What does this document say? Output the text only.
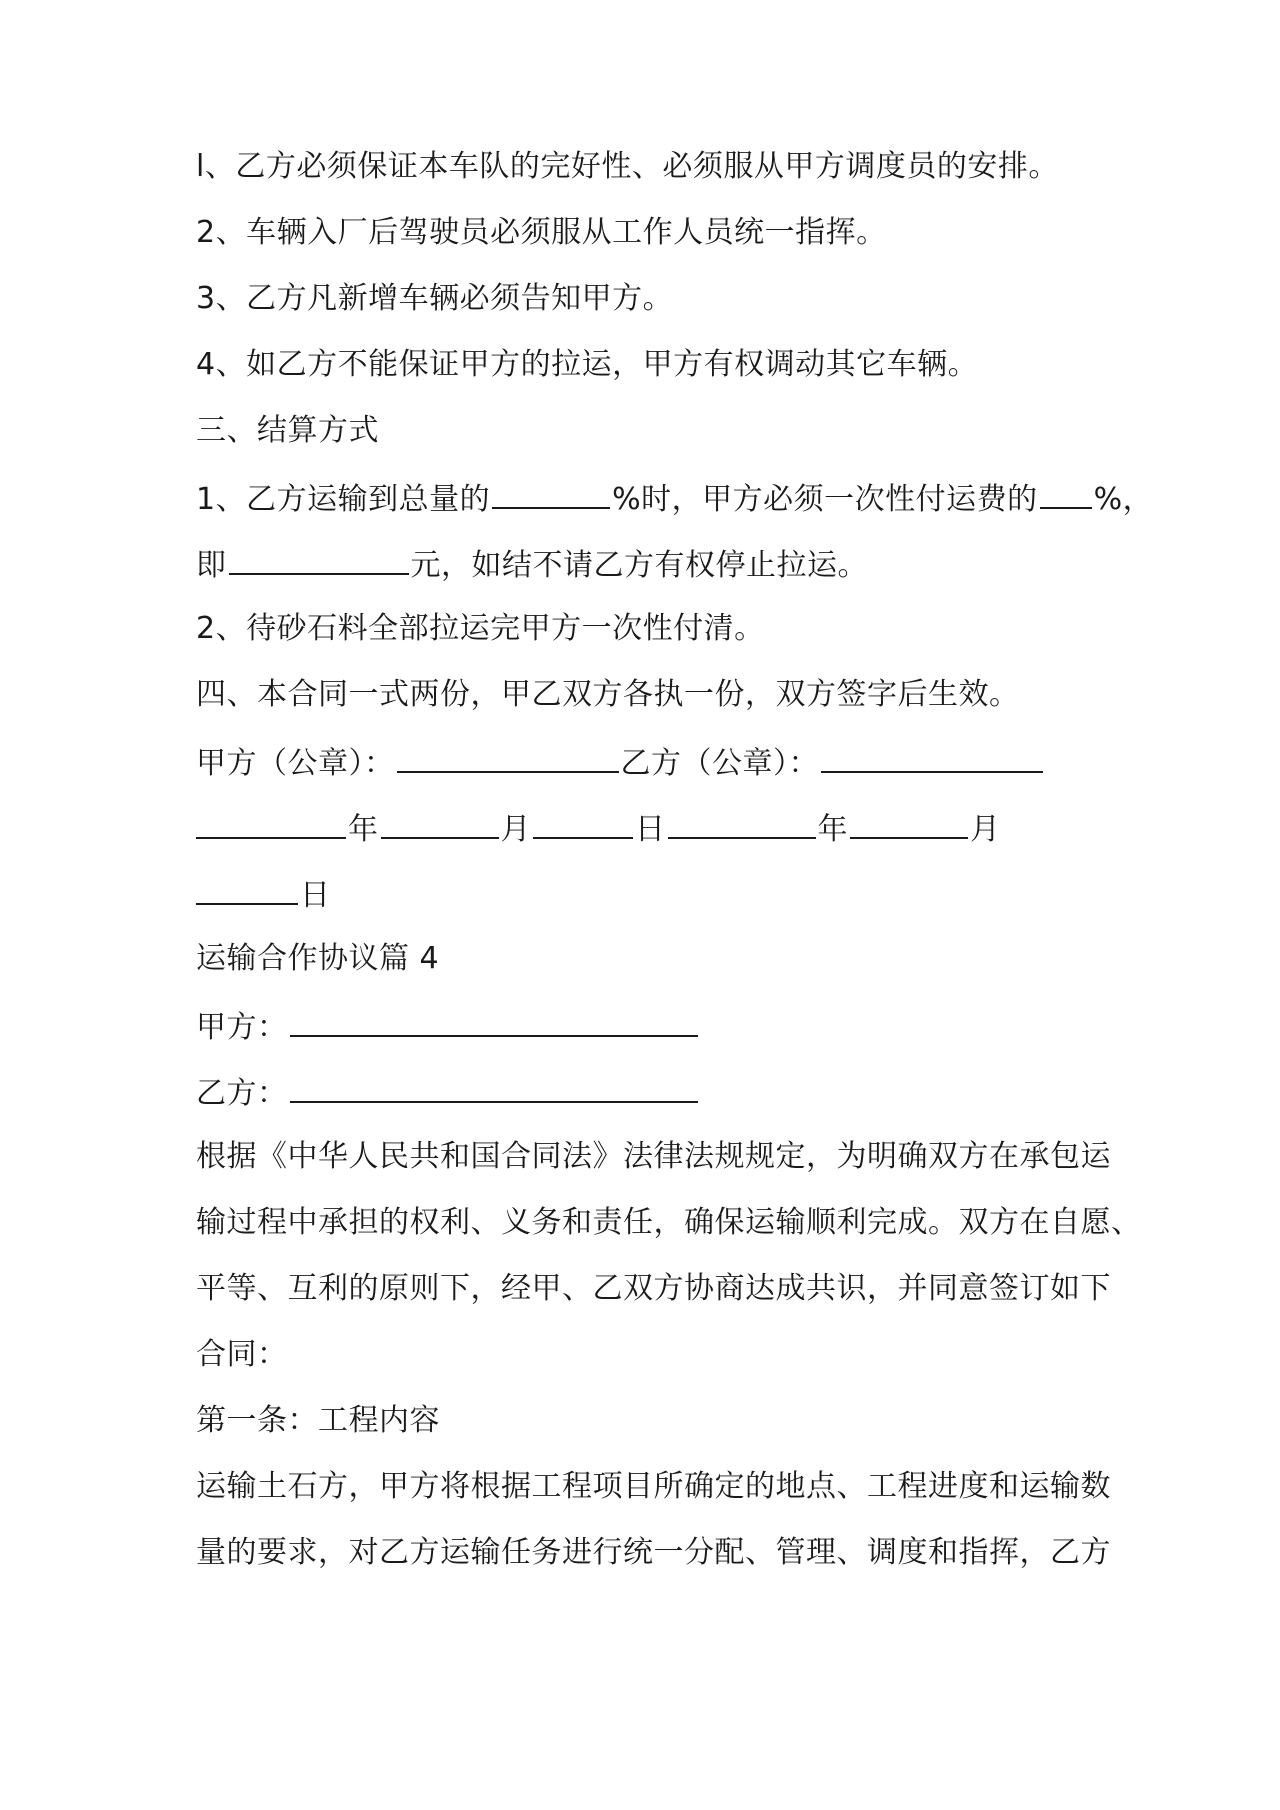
l、乙方必须保证本车队的完好性、必须服从甲方调度员的安排。
2、车辆入厂后驾驶员必须服从工作人员统一指挥。
3、乙方凡新增车辆必须告知甲方。
4、如乙方不能保证甲方的拉运，甲方有权调动其它车辆。
三、结算方式
1、乙方运输到总量的	%时，甲方必须一次性付运费的 %，
即	元，如结不请乙方有权停止拉运。
2、待砂石料全部拉运完甲方一次性付清。
四、本合同一式两份，甲乙双方各执一份，双方签字后生效。
甲方（公章）：	乙方（公章）：
年	月	日	年	月
日
运输合作协议篇 4
甲方：
乙方：
根据《中华人民共和国合同法》法律法规规定，为明确双方在承包运
输过程中承担的权利、义务和责任，确保运输顺利完成。双方在自愿、
平等、互利的原则下，经甲、乙双方协商达成共识，并同意签订如下
合同：
第一条：工程内容
运输土石方，甲方将根据工程项目所确定的地点、工程进度和运输数
量的要求，对乙方运输任务进行统一分配、管理、调度和指挥，乙方
